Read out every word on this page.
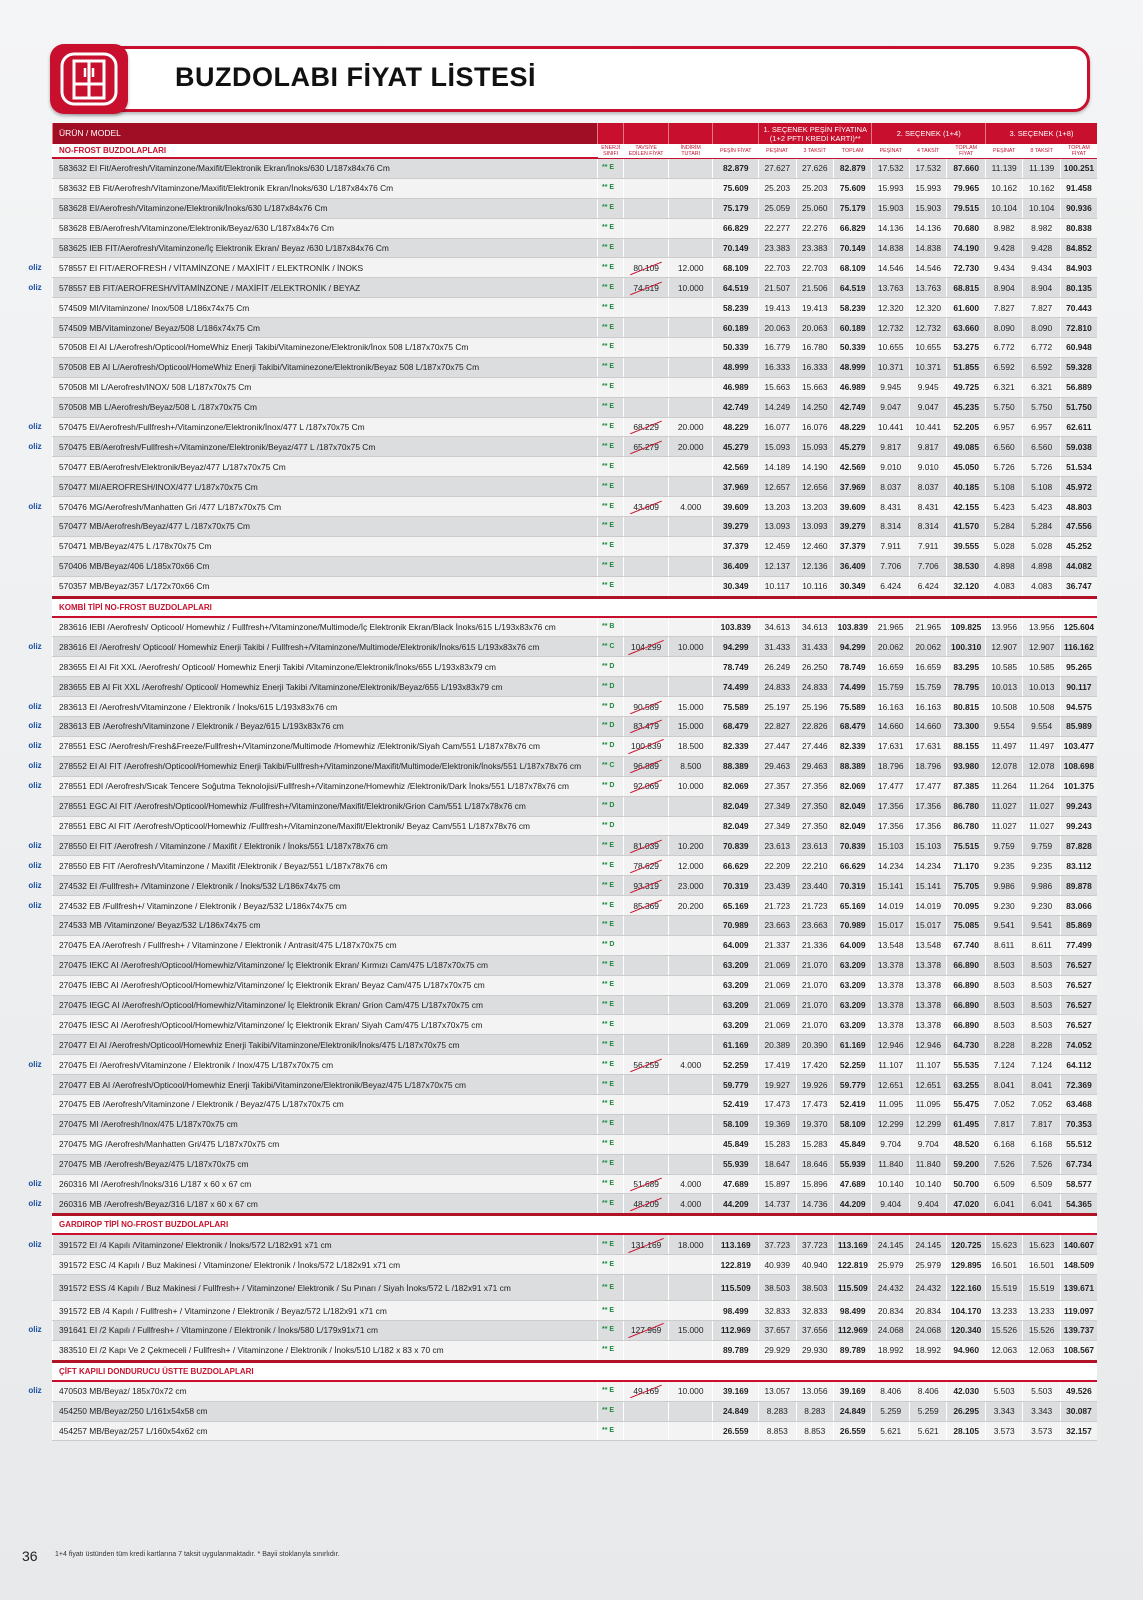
BUZDOLABI FİYAT LİSTESİ
ÜRÜN / MODEL					1. SEÇENEK PEŞİN FİYATINA (1+2 PFTI KREDİ KARTI)**			2. SEÇENEK (1+4)			3. SEÇENEK (1+8)		
NO-FROST BUZDOLAPLARI	ENERJİ SINIFI	TAVSİYE EDİLEN FİYAT	İNDİRİM TUTARI	PEŞİN FİYAT	PEŞİNAT	3 TAKSİT	TOPLAM	PEŞİNAT	4 TAKSİT	TOPLAM FİYAT	PEŞİNAT	8 TAKSİT	TOPLAM FİYAT
583632 EI Fit/Aerofresh/Vitaminzone/Maxifit/Elektronik Ekran/İnoks/630 L/187x84x76 Cm	** E			82.879	27.627	27.626	82.879	17.532	17.532	87.660	11.139	11.139	100.251
583632 EB Fit/Aerofresh/Vitaminzone/Maxifit/Elektronik Ekran/İnoks/630 L/187x84x76 Cm	** E			75.609	25.203	25.203	75.609	15.993	15.993	79.965	10.162	10.162	91.458
583628 EI/Aerofresh/Vitaminzone/Elektronik/İnoks/630 L/187x84x76 Cm	** E			75.179	25.059	25.060	75.179	15.903	15.903	79.515	10.104	10.104	90.936
583628 EB/Aerofresh/Vitaminzone/Elektronik/Beyaz/630 L/187x84x76 Cm	** E			66.829	22.277	22.276	66.829	14.136	14.136	70.680	8.982	8.982	80.838
583625 IEB FIT/Aerofresh/Vitaminzone/İç Elektronik Ekran/ Beyaz /630 L/187x84x76 Cm	** E			70.149	23.383	23.383	70.149	14.838	14.838	74.190	9.428	9.428	84.852
578557 EI FIT/AEROFRESH / VİTAMİNZONE / MAXİFİT / ELEKTRONİK / İNOKS	** E	80.109	12.000	68.109	22.703	22.703	68.109	14.546	14.546	72.730	9.434	9.434	84.903
578557 EB FIT/AEROFRESH/VİTAMİNZONE / MAXİFİT /ELEKTRONİK / BEYAZ	** E	74.519	10.000	64.519	21.507	21.506	64.519	13.763	13.763	68.815	8.904	8.904	80.135
574509 MI/Vitaminzone/ Inox/508 L/186x74x75 Cm	** E			58.239	19.413	19.413	58.239	12.320	12.320	61.600	7.827	7.827	70.443
574509 MB/Vitaminzone/ Beyaz/508 L/186x74x75 Cm	** E			60.189	20.063	20.063	60.189	12.732	12.732	63.660	8.090	8.090	72.810
570508 EI AI L/Aerofresh/Opticool/HomeWhiz Enerji Takibi/Vitaminezone/Elektronik/İnox 508 L/187x70x75 Cm	** E			50.339	16.779	16.780	50.339	10.655	10.655	53.275	6.772	6.772	60.948
570508 EB AI L/Aerofresh/Opticool/HomeWhiz Enerji Takibi/Vitaminezone/Elektronik/Beyaz 508 L/187x70x75 Cm	** E			48.999	16.333	16.333	48.999	10.371	10.371	51.855	6.592	6.592	59.328
570508 MI L/Aerofresh/INOX/ 508 L/187x70x75 Cm	** E			46.989	15.663	15.663	46.989	9.945	9.945	49.725	6.321	6.321	56.889
570508 MB L/Aerofresh/Beyaz/508 L /187x70x75 Cm	** E			42.749	14.249	14.250	42.749	9.047	9.047	45.235	5.750	5.750	51.750
570475 EI/Aerofresh/Fullfresh+/Vitaminzone/Elektronik/İnox/477 L /187x70x75 Cm	** E	68.229	20.000	48.229	16.077	16.076	48.229	10.441	10.441	52.205	6.957	6.957	62.611
570475 EB/Aerofresh/Fullfresh+/Vitaminzone/Elektronik/Beyaz/477 L /187x70x75 Cm	** E	65.279	20.000	45.279	15.093	15.093	45.279	9.817	9.817	49.085	6.560	6.560	59.038
570477 EB/Aerofresh/Elektronik/Beyaz/477 L/187x70x75 Cm	** E			42.569	14.189	14.190	42.569	9.010	9.010	45.050	5.726	5.726	51.534
570477 MI/AEROFRESH/INOX/477 L/187x70x75 Cm	** E			37.969	12.657	12.656	37.969	8.037	8.037	40.185	5.108	5.108	45.972
570476 MG/Aerofresh/Manhatten Gri /477 L/187x70x75 Cm	** E	43.609	4.000	39.609	13.203	13.203	39.609	8.431	8.431	42.155	5.423	5.423	48.803
570477 MB/Aerofresh/Beyaz/477 L /187x70x75 Cm	** E			39.279	13.093	13.093	39.279	8.314	8.314	41.570	5.284	5.284	47.556
570471 MB/Beyaz/475 L /178x70x75 Cm	** E			37.379	12.459	12.460	37.379	7.911	7.911	39.555	5.028	5.028	45.252
570406 MB/Beyaz/406 L/185x70x66 Cm	** E			36.409	12.137	12.136	36.409	7.706	7.706	38.530	4.898	4.898	44.082
570357 MB/Beyaz/357 L/172x70x66 Cm	** E			30.349	10.117	10.116	30.349	6.424	6.424	32.120	4.083	4.083	36.747
KOMBİ TİPİ NO-FROST BUZDOLAPLARI													
283616 IEBI /Aerofresh/ Opticool/ Homewhiz / Fullfresh+/Vitaminzone/Multimode/İç Elektronik Ekran/Black İnoks/615 L/193x83x76 cm	** B			103.839	34.613	34.613	103.839	21.965	21.965	109.825	13.956	13.956	125.604
283616 EI /Aerofresh/ Opticool/ Homewhiz Enerji Takibi / Fullfresh+/Vitaminzone/Multimode/Elektronik/İnoks/615 L/193x83x76 cm	** C	104.299	10.000	94.299	31.433	31.433	94.299	20.062	20.062	100.310	12.907	12.907	116.162
283655 EI AI Fit XXL /Aerofresh/ Opticool/ Homewhiz Enerji Takibi /Vitaminzone/Elektronik/İnoks/655 L/193x83x79 cm	** D			78.749	26.249	26.250	78.749	16.659	16.659	83.295	10.585	10.585	95.265
283655 EB AI Fit XXL /Aerofresh/ Opticool/ Homewhiz Enerji Takibi /Vitaminzone/Elektronik/Beyaz/655 L/193x83x79 cm	** D			74.499	24.833	24.833	74.499	15.759	15.759	78.795	10.013	10.013	90.117
283613 EI /Aerofresh/Vitaminzone / Elektronik / İnoks/615 L/193x83x76 cm	** D	90.589	15.000	75.589	25.197	25.196	75.589	16.163	16.163	80.815	10.508	10.508	94.575
283613 EB /Aerofresh/Vitaminzone / Elektronik / Beyaz/615 L/193x83x76 cm	** D	83.479	15.000	68.479	22.827	22.826	68.479	14.660	14.660	73.300	9.554	9.554	85.989
278551 ESC /Aerofresh/Fresh&Freeze/Fullfresh+/Vitaminzone/Multimode /Homewhiz /Elektronik/Siyah Cam/551 L/187x78x76 cm	** D	100.839	18.500	82.339	27.447	27.446	82.339	17.631	17.631	88.155	11.497	11.497	103.477
278552 EI AI FIT /Aerofresh/Opticool/Homewhiz Enerji Takibi/Fullfresh+/Vitaminzone/Maxifit/Multimode/Elektronik/İnoks/551 L/187x78x76 cm	** C	96.889	8.500	88.389	29.463	29.463	88.389	18.796	18.796	93.980	12.078	12.078	108.698
278551 EDI /Aerofresh/Sıcak Tencere Soğutma Teknolojisi/Fullfresh+/Vitaminzone/Homewhiz /Elektronik/Dark İnoks/551 L/187x78x76 cm	** D	92.069	10.000	82.069	27.357	27.356	82.069	17.477	17.477	87.385	11.264	11.264	101.375
278551 EGC AI FIT /Aerofresh/Opticool/Homewhiz /Fullfresh+/Vitaminzone/Maxifit/Elektronik/Grion Cam/551 L/187x78x76 cm	** D			82.049	27.349	27.350	82.049	17.356	17.356	86.780	11.027	11.027	99.243
278551 EBC AI FIT /Aerofresh/Opticool/Homewhiz /Fullfresh+/Vitaminzone/Maxifit/Elektronik/ Beyaz Cam/551 L/187x78x76 cm	** D			82.049	27.349	27.350	82.049	17.356	17.356	86.780	11.027	11.027	99.243
278550 EI FIT /Aerofresh / Vitaminzone / Maxifit / Elektronik / İnoks/551 L/187x78x76 cm	** E	81.039	10.200	70.839	23.613	23.613	70.839	15.103	15.103	75.515	9.759	9.759	87.828
278550 EB FIT /Aerofresh/Vitaminzone / Maxifit /Elektronik / Beyaz/551 L/187x78x76 cm	** E	78.629	12.000	66.629	22.209	22.210	66.629	14.234	14.234	71.170	9.235	9.235	83.112
274532 EI /Fullfresh+ /Vitaminzone / Elektronik / İnoks/532 L/186x74x75 cm	** E	93.319	23.000	70.319	23.439	23.440	70.319	15.141	15.141	75.705	9.986	9.986	89.878
274532 EB /Fullfresh+/ Vitaminzone / Elektronik / Beyaz/532 L/186x74x75 cm	** E	85.369	20.200	65.169	21.723	21.723	65.169	14.019	14.019	70.095	9.230	9.230	83.066
274533 MB /Vitaminzone/ Beyaz/532 L/186x74x75 cm	** E			70.989	23.663	23.663	70.989	15.017	15.017	75.085	9.541	9.541	85.869
270475 EA /Aerofresh / Fullfresh+ / Vitaminzone / Elektronik / Antrasit/475 L/187x70x75 cm	** D			64.009	21.337	21.336	64.009	13.548	13.548	67.740	8.611	8.611	77.499
270475 IEKC AI /Aerofresh/Opticool/Homewhiz/Vitaminzone/ İç Elektronik Ekran/ Kırmızı Cam/475 L/187x70x75 cm	** E			63.209	21.069	21.070	63.209	13.378	13.378	66.890	8.503	8.503	76.527
270475 IEBC AI /Aerofresh/Opticool/Homewhiz/Vitaminzone/ İç Elektronik Ekran/ Beyaz Cam/475 L/187x70x75 cm	** E			63.209	21.069	21.070	63.209	13.378	13.378	66.890	8.503	8.503	76.527
270475 IEGC AI /Aerofresh/Opticool/Homewhiz/Vitaminzone/ İç Elektronik Ekran/ Grion Cam/475 L/187x70x75 cm	** E			63.209	21.069	21.070	63.209	13.378	13.378	66.890	8.503	8.503	76.527
270475 IESC AI /Aerofresh/Opticool/Homewhiz/Vitaminzone/ İç Elektronik Ekran/ Siyah Cam/475 L/187x70x75 cm	** E			63.209	21.069	21.070	63.209	13.378	13.378	66.890	8.503	8.503	76.527
270477 EI AI /Aerofresh/Opticool/Homewhiz Enerji Takibi/Vitaminzone/Elektronik/İnoks/475 L/187x70x75 cm	** E			61.169	20.389	20.390	61.169	12.946	12.946	64.730	8.228	8.228	74.052
270475 EI /Aerofresh/Vitaminzone / Elektronik / Inox/475 L/187x70x75 cm	** E	56.259	4.000	52.259	17.419	17.420	52.259	11.107	11.107	55.535	7.124	7.124	64.112
270477 EB AI /Aerofresh/Opticool/Homewhiz Enerji Takibi/Vitaminzone/Elektronik/Beyaz/475 L/187x70x75 cm	** E			59.779	19.927	19.926	59.779	12.651	12.651	63.255	8.041	8.041	72.369
270475 EB /Aerofresh/Vitaminzone / Elektronik / Beyaz/475 L/187x70x75 cm	** E			52.419	17.473	17.473	52.419	11.095	11.095	55.475	7.052	7.052	63.468
270475 MI /Aerofresh/Inox/475 L/187x70x75 cm	** E			58.109	19.369	19.370	58.109	12.299	12.299	61.495	7.817	7.817	70.353
270475 MG /Aerofresh/Manhatten Gri/475 L/187x70x75 cm	** E			45.849	15.283	15.283	45.849	9.704	9.704	48.520	6.168	6.168	55.512
270475 MB /Aerofresh/Beyaz/475 L/187x70x75 cm	** E			55.939	18.647	18.646	55.939	11.840	11.840	59.200	7.526	7.526	67.734
260316 MI /Aerofresh/İnoks/316 L/187 x 60 x 67 cm	** E	51.689	4.000	47.689	15.897	15.896	47.689	10.140	10.140	50.700	6.509	6.509	58.577
260316 MB /Aerofresh/Beyaz/316 L/187 x 60 x 67 cm	** E	48.209	4.000	44.209	14.737	14.736	44.209	9.404	9.404	47.020	6.041	6.041	54.365
GARDIROP TİPİ NO-FROST BUZDOLAPLARI													
391572 EI /4 Kapılı /Vitaminzone/ Elektronik / İnoks/572 L/182x91 x71 cm	** E	131.169	18.000	113.169	37.723	37.723	113.169	24.145	24.145	120.725	15.623	15.623	140.607
391572 ESC /4 Kapılı / Buz Makinesi / Vitaminzone/ Elektronik / İnoks/572 L/182x91 x71 cm	** E			122.819	40.939	40.940	122.819	25.979	25.979	129.895	16.501	16.501	148.509
391572 ESS /4 Kapılı / Buz Makinesi / Fullfresh+ / Vitaminzone/ Elektronik / Su Pınarı / Siyah İnoks/572 L /182x91 x71 cm	** E			115.509	38.503	38.503	115.509	24.432	24.432	122.160	15.519	15.519	139.671
391572 EB /4 Kapılı / Fullfresh+ / Vitaminzone / Elektronik / Beyaz/572 L/182x91 x71 cm	** E			98.499	32.833	32.833	98.499	20.834	20.834	104.170	13.233	13.233	119.097
391641 EI /2 Kapılı / Fullfresh+ / Vitaminzone / Elektronik / İnoks/580 L/179x91x71 cm	** E	127.969	15.000	112.969	37.657	37.656	112.969	24.068	24.068	120.340	15.526	15.526	139.737
383510 EI /2 Kapı Ve 2 Çekmeceli / Fullfresh+ / Vitaminzone / Elektronik / İnoks/510 L/182 x 83 x 70 cm	** E			89.789	29.929	29.930	89.789	18.992	18.992	94.960	12.063	12.063	108.567
ÇİFT KAPILI DONDURUCU ÜSTTE BUZDOLAPLARI													
470503 MB/Beyaz/ 185x70x72 cm	** E	49.169	10.000	39.169	13.057	13.056	39.169	8.406	8.406	42.030	5.503	5.503	49.526
454250 MB/Beyaz/250 L/161x54x58 cm	** E			24.849	8.283	8.283	24.849	5.259	5.259	26.295	3.343	3.343	30.087
454257 MB/Beyaz/257 L/160x54x62 cm	** E			26.559	8.853	8.853	26.559	5.621	5.621	28.105	3.573	3.573	32.157
oliz
oliz
oliz
oliz
oliz
oliz
oliz
oliz
oliz
oliz
oliz
oliz
oliz
oliz
oliz
oliz
oliz
oliz
oliz
oliz
oliz
36 1+4 fiyatı üstünden tüm kredi kartlarına 7 taksit uygulanmaktadır. * Bayii stoklarıyla sınırlıdır.
